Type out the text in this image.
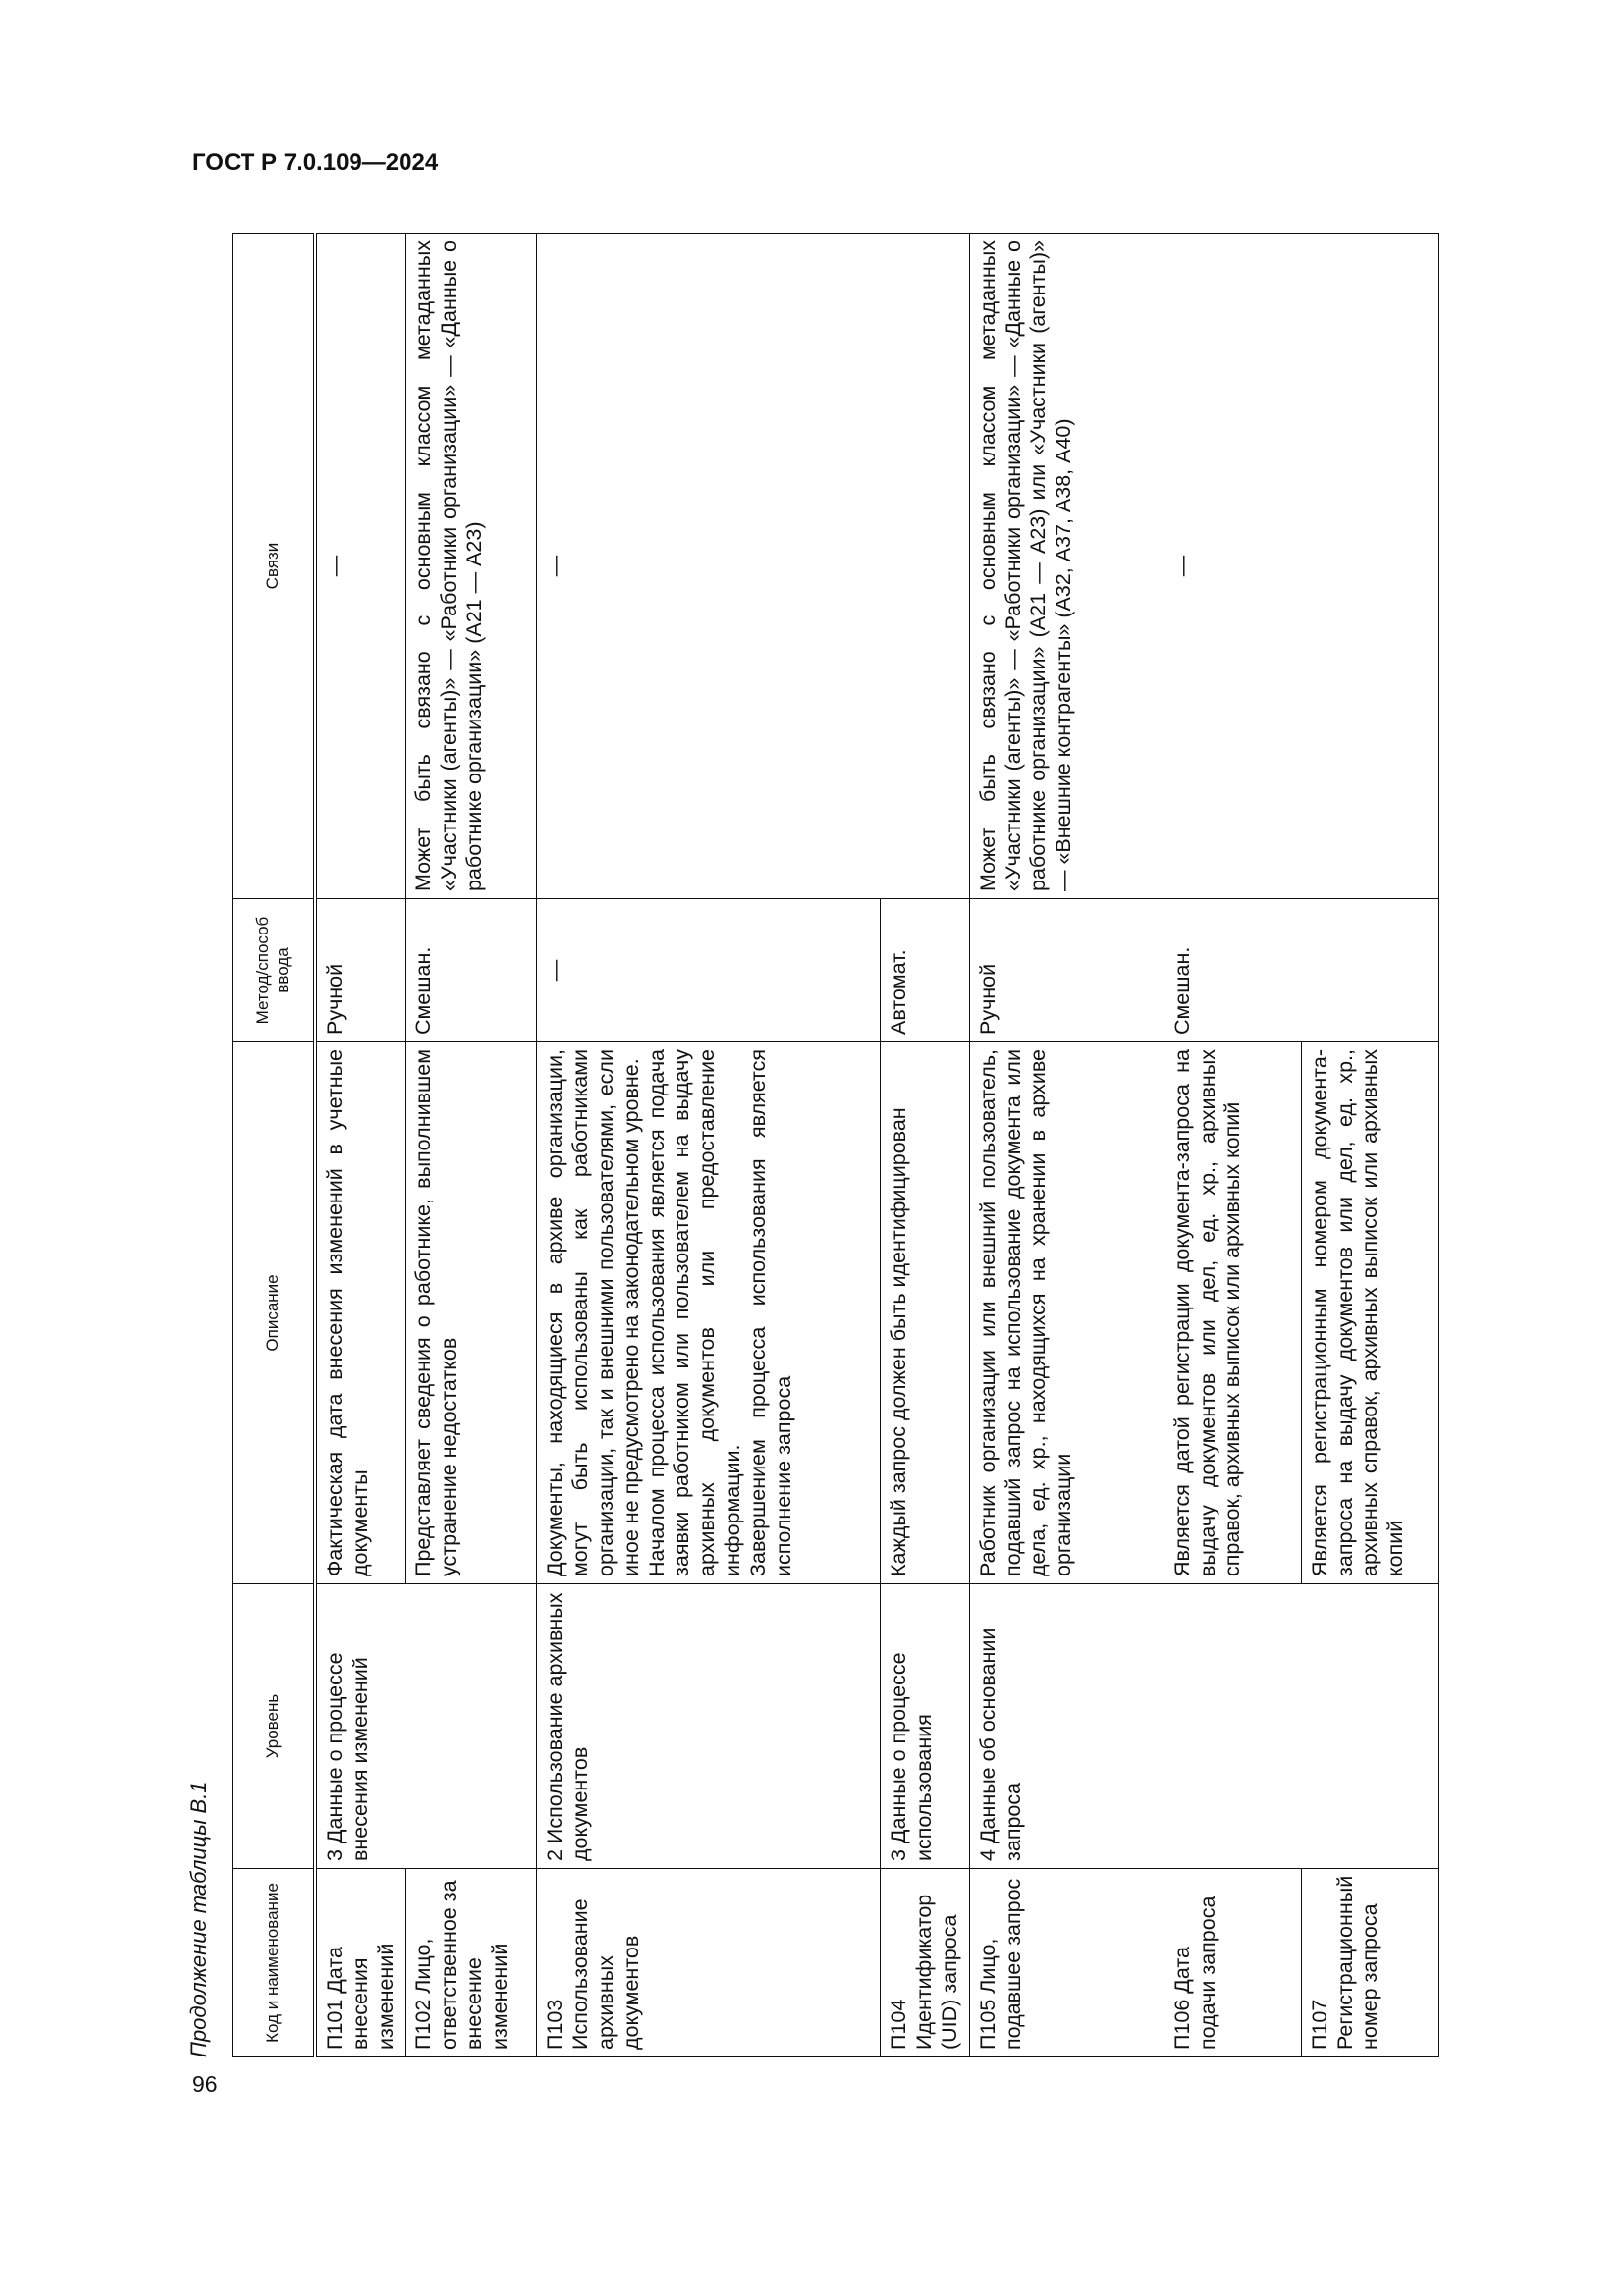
ГОСТ Р 7.0.109—2024
96
Продолжение таблицы В.1	Код и наименование	Уровень	Описание	Метод/способ ввода	Связи
П101 Дата внесения изменений	3 Данные о процессе внесения изменений	Фактическая дата внесения изменений в учетные документы	Ручной	—
П102 Лицо, ответственное за внесение изменений		Представляет сведения о работнике, выполнившем устранение недостатков	Смешан.	Может быть связано с основным классом метаданных «Участники (агенты)» — «Работники организации» — «Данные о работнике организации» (А21 — А23)
П103 Использование архивных документов	2 Использование архивных документов	Документы, находящиеся в архиве организации, могут быть использованы как работниками организации, так и внешними пользователями, если иное не предусмотрено на законодательном уровне. Началом процесса использования является подача заявки работником или пользователем на выдачу архивных документов или предоставление информации. Завершением процесса использования является исполнение запроса	—	—
П104 Идентификатор (UID) запроса	3 Данные о процессе использования	Каждый запрос должен быть идентифицирован	Автомат.	
П105 Лицо, подавшее запрос	4 Данные об основании запроса	Работник организации или внешний пользователь, подавший запрос на использование документа или дела, ед. хр., находящихся на хранении в архиве организации	Ручной	Может быть связано с основным классом метаданных «Участники (агенты)» — «Работники организации» — «Данные о работнике организации» (А21 — А23) или «Участники (агенты)» — «Внешние контрагенты» (А32, А37, А38, А40)
П106 Дата подачи запроса		Является датой регистрации документа-запроса на выдачу документов или дел, ед. хр., архивных справок, архивных выписок или архивных копий	Смешан.	—
П107 Регистрационный номер запроса		Является регистрационным номером документа-запроса на выдачу документов или дел, ед. хр., архивных справок, архивных выписок или архивных копий		
